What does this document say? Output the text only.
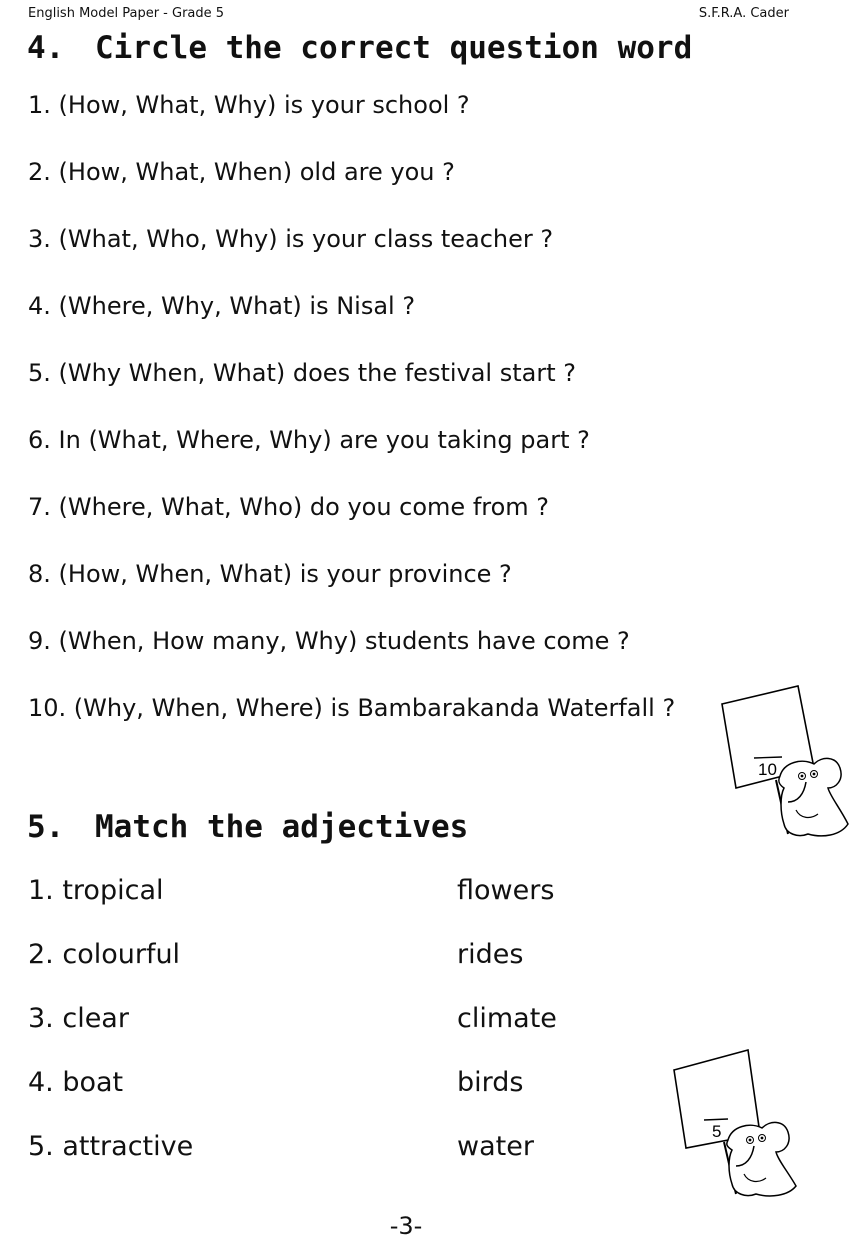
English Model Paper - Grade 5	S.F.R.A. Cader
4. Circle the correct question word
1. (How, What, Why) is your school ?
2. (How, What, When) old are you ?
3. (What, Who, Why) is your class teacher ?
4. (Where, Why, What) is Nisal ?
5. (Why When, What) does the festival start ?
6. In (What, Where, Why) are you taking part ?
7. (Where, What, Who) do you come from ?
8. (How, When, What) is your province ?
9. (When, How many, Why) students have come ?
10. (Why, When, Where) is Bambarakanda Waterfall ?
10
5. Match the adjectives
1. tropical
2. colourful
3. clear
4. boat
5. attractive
flowers
rides
climate
birds
water	5
-3-
